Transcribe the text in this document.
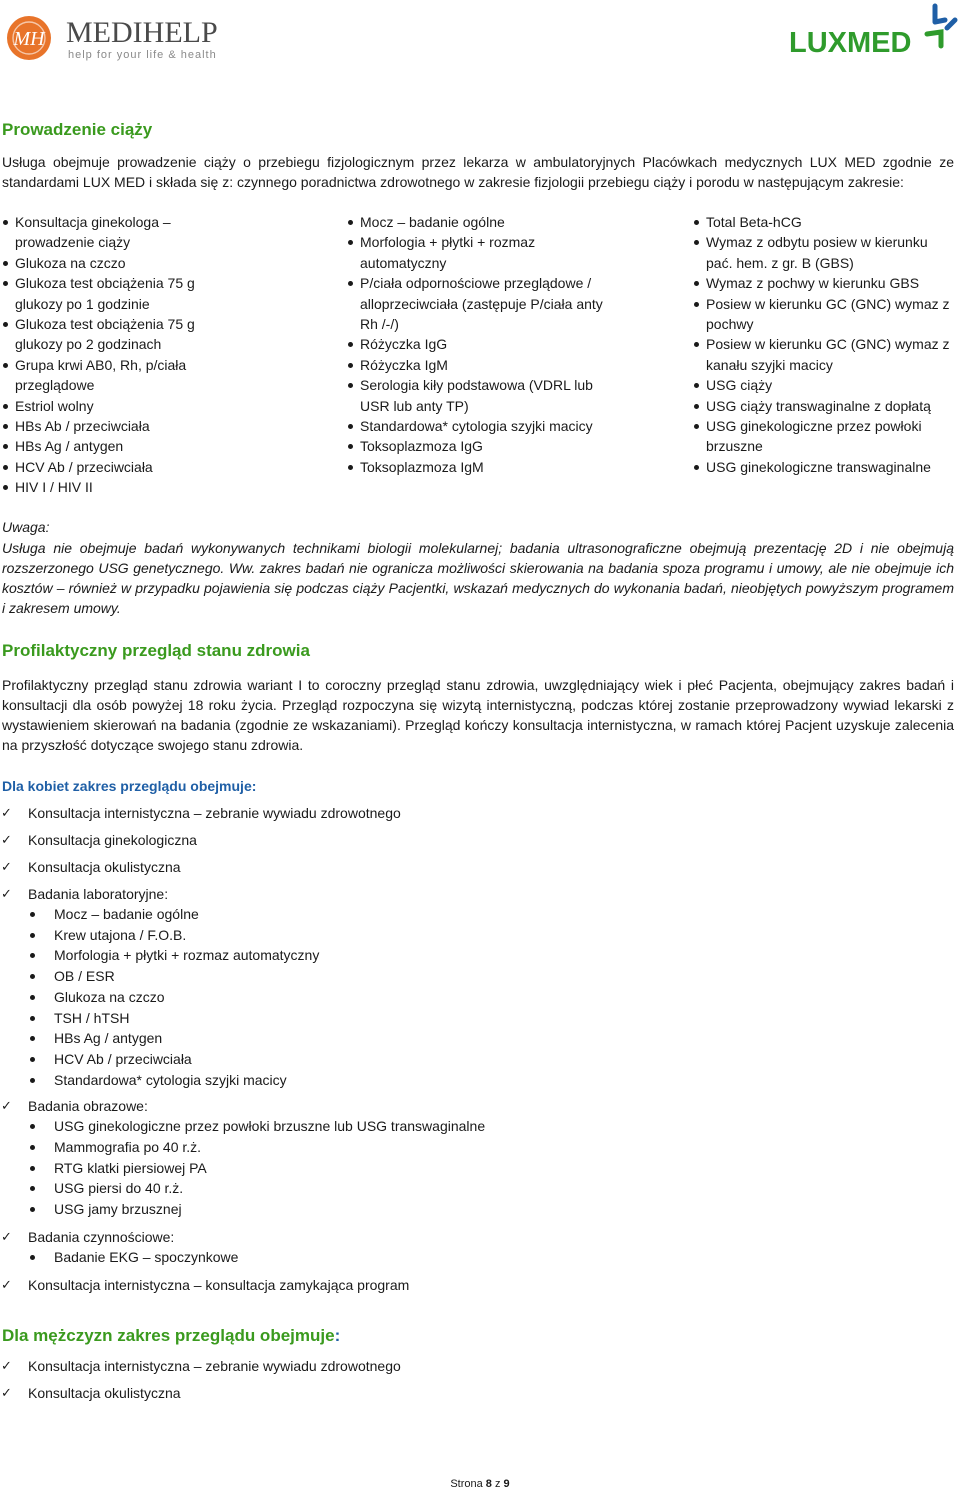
MH MEDIHELP
help for your life & health	LUXMED
Prowadzenie ciąży

Usługa obejmuje prowadzenie ciąży o przebiegu fizjologicznym przez lekarza w ambulatoryjnych Placówkach medycznych LUX MED zgodnie ze standardami LUX MED i składa się z: czynnego poradnictwa zdrowotnego w zakresie fizjologii przebiegu ciąży i porodu w następującym zakresie:

Konsultacja ginekologa – prowadzenie ciąży
Glukoza na czczo
Glukoza test obciążenia 75 g glukozy po 1 godzinie
Glukoza test obciążenia 75 g glukozy po 2 godzinach
Grupa krwi AB0, Rh, p/ciała przeglądowe
Estriol wolny
HBs Ab / przeciwciała
HBs Ag / antygen
HCV Ab / przeciwciała
HIV I / HIV II
Mocz – badanie ogólne
Morfologia + płytki + rozmaz automatyczny
P/ciała odpornościowe przeglądowe / alloprzeciwciała (zastępuje P/ciała anty Rh /-/)
Różyczka IgG
Różyczka IgM
Serologia kiły podstawowa (VDRL lub USR lub anty TP)
Standardowa* cytologia szyjki macicy
Toksoplazmoza IgG
Toksoplazmoza IgM
Total Beta-hCG
Wymaz z odbytu posiew w kierunku pać. hem. z gr. B (GBS)
Wymaz z pochwy w kierunku GBS
Posiew w kierunku GC (GNC) wymaz z pochwy
Posiew w kierunku GC (GNC) wymaz z kanału szyjki macicy
USG ciąży
USG ciąży transwaginalne z dopłatą
USG ginekologiczne przez powłoki brzuszne
USG ginekologiczne transwaginalne

Uwaga:

Usługa nie obejmuje badań wykonywanych technikami biologii molekularnej; badania ultrasonograficzne obejmują prezentację 2D i nie obejmują rozszerzonego USG genetycznego. Ww. zakres badań nie ogranicza możliwości skierowania na badania spoza programu i umowy, ale nie obejmuje ich kosztów – również w przypadku pojawienia się podczas ciąży Pacjentki, wskazań medycznych do wykonania badań, nieobjętych powyższym programem i zakresem umowy.

Profilaktyczny przegląd stanu zdrowia

Profilaktyczny przegląd stanu zdrowia wariant I to coroczny przegląd stanu zdrowia, uwzględniający wiek i płeć Pacjenta, obejmujący zakres badań i konsultacji dla osób powyżej 18 roku życia. Przegląd rozpoczyna się wizytą internistyczną, podczas której zostanie przeprowadzony wywiad lekarski z wystawieniem skierowań na badania (zgodnie ze wskazaniami). Przegląd kończy konsultacja internistyczna, w ramach której Pacjent uzyskuje zalecenia na przyszłość dotyczące swojego stanu zdrowia.

Dla kobiet zakres przeglądu obejmuje:
✓ Konsultacja internistyczna – zebranie wywiadu zdrowotnego
✓ Konsultacja ginekologiczna
✓ Konsultacja okulistyczna
✓ Badania laboratoryjne:
Mocz – badanie ogólne
Krew utajona / F.O.B.
Morfologia + płytki + rozmaz automatyczny
OB / ESR
Glukoza na czczo
TSH / hTSH
HBs Ag / antygen
HCV Ab / przeciwciała
Standardowa* cytologia szyjki macicy
✓ Badania obrazowe:
USG ginekologiczne przez powłoki brzuszne lub USG transwaginalne
Mammografia po 40 r.ż.
RTG klatki piersiowej PA
USG piersi do 40 r.ż.
USG jamy brzusznej
✓ Badania czynnościowe:
Badanie EKG – spoczynkowe
✓ Konsultacja internistyczna – konsultacja zamykająca program
Dla mężczyzn zakres przeglądu obejmuje:
✓ Konsultacja internistyczna – zebranie wywiadu zdrowotnego
✓ Konsultacja okulistyczna
Strona 8 z 9
